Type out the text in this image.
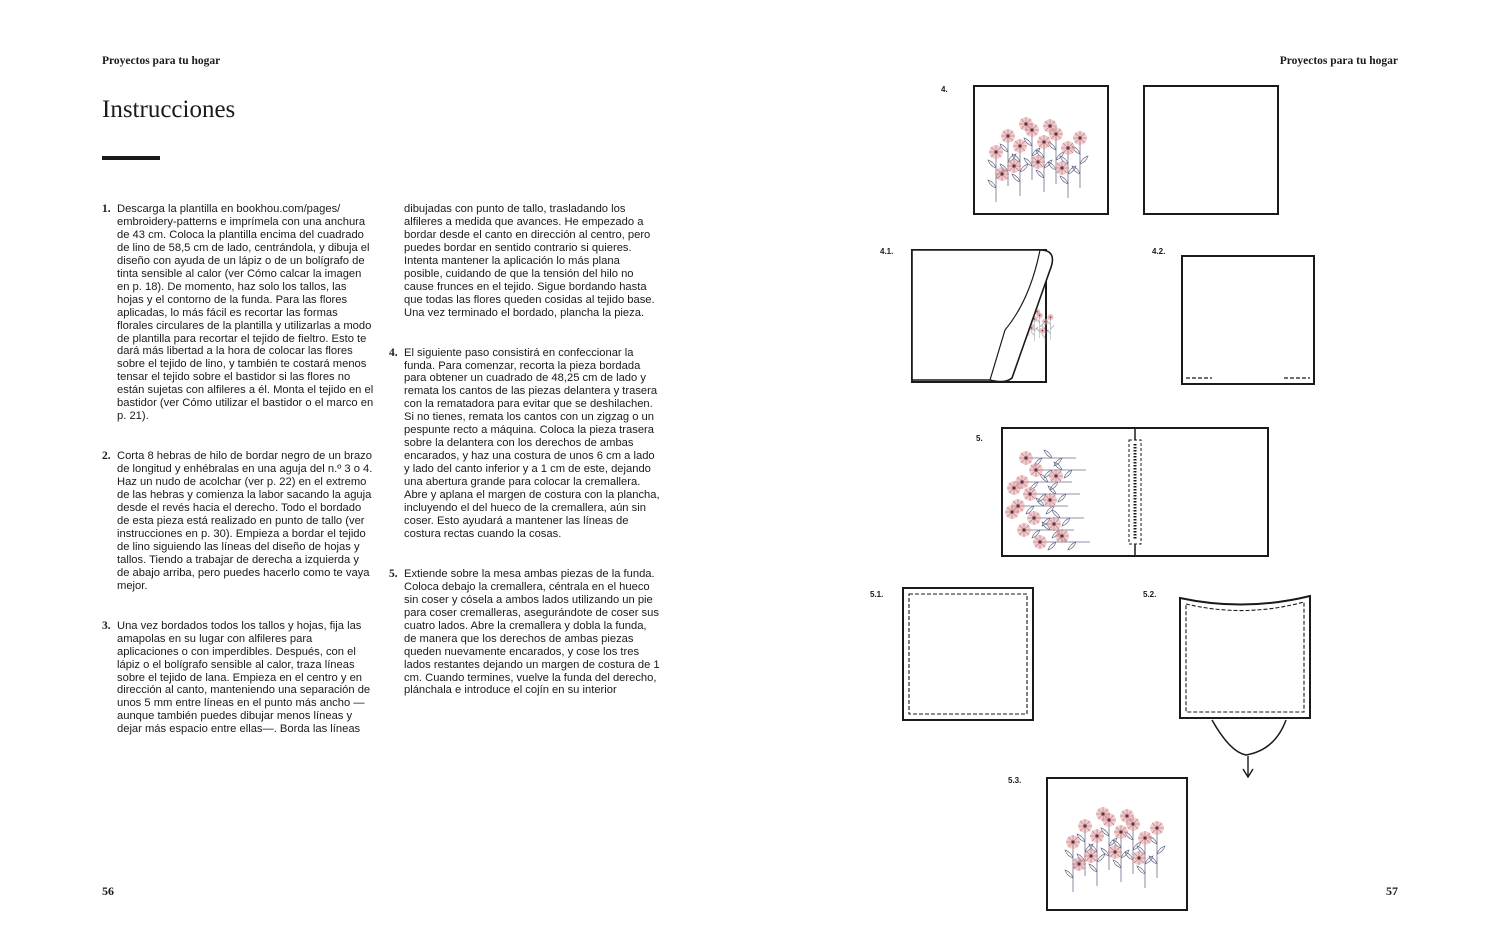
Proyectos para tu hogar
Instrucciones
1. Descarga la plantilla en bookhou.com/pages/ embroidery-patterns e imprímela con una anchura de 43 cm. Coloca la plantilla encima del cuadrado de lino de 58,5 cm de lado, centrándola, y dibuja el diseño con ayuda de un lápiz o de un bolígrafo de tinta sensible al calor (ver Cómo calcar la imagen en p. 18). De momento, haz solo los tallos, las hojas y el contorno de la funda. Para las flores aplicadas, lo más fácil es recortar las formas florales circulares de la plantilla y utilizarlas a modo de plantilla para recortar el tejido de fieltro. Esto te dará más libertad a la hora de colocar las flores sobre el tejido de lino, y también te costará menos tensar el tejido sobre el bastidor si las flores no están sujetas con alfileres a él. Monta el tejido en el bastidor (ver Cómo utilizar el bastidor o el marco en p. 21).

2. Corta 8 hebras de hilo de bordar negro de un brazo de longitud y enhébralas en una aguja del n.º 3 o 4. Haz un nudo de acolchar (ver p. 22) en el extremo de las hebras y comienza la labor sacando la aguja desde el revés hacia el derecho. Todo el bordado de esta pieza está realizado en punto de tallo (ver instrucciones en p. 30). Empieza a bordar el tejido de lino siguiendo las líneas del diseño de hojas y tallos. Tiendo a trabajar de derecha a izquierda y de abajo arriba, pero puedes hacerlo como te vaya mejor.

3. Una vez bordados todos los tallos y hojas, fija las amapolas en su lugar con alfileres para aplicaciones o con imperdibles. Después, con el lápiz o el bolígrafo sensible al calor, traza líneas sobre el tejido de lana. Empieza en el centro y en dirección al canto, manteniendo una separación de unos 5 mm entre líneas en el punto más ancho —aunque también puedes dibujar menos líneas y dejar más espacio entre ellas—. Borda las líneas

dibujadas con punto de tallo, trasladando los alfileres a medida que avances. He empezado a bordar desde el canto en dirección al centro, pero puedes bordar en sentido contrario si quieres. Intenta mantener la aplicación lo más plana posible, cuidando de que la tensión del hilo no cause frunces en el tejido. Sigue bordando hasta que todas las flores queden cosidas al tejido base. Una vez terminado el bordado, plancha la pieza.

4. El siguiente paso consistirá en confeccionar la funda. Para comenzar, recorta la pieza bordada para obtener un cuadrado de 48,25 cm de lado y remata los cantos de las piezas delantera y trasera con la rematadora para evitar que se deshilachen. Si no tienes, remata los cantos con un zigzag o un pespunte recto a máquina. Coloca la pieza trasera sobre la delantera con los derechos de ambas encarados, y haz una costura de unos 6 cm a lado y lado del canto inferior y a 1 cm de este, dejando una abertura grande para colocar la cremallera. Abre y aplana el margen de costura con la plancha, incluyendo el del hueco de la cremallera, aún sin coser. Esto ayudará a mantener las líneas de costura rectas cuando la cosas.

5. Extiende sobre la mesa ambas piezas de la funda. Coloca debajo la cremallera, céntrala en el hueco sin coser y cósela a ambos lados utilizando un pie para coser cremalleras, asegurándote de coser sus cuatro lados. Abre la cremallera y dobla la funda, de manera que los derechos de ambas piezas queden nuevamente encarados, y cose los tres lados restantes dejando un margen de costura de 1 cm. Cuando termines, vuelve la funda del derecho, plánchala e introduce el cojín en su interior

56
Proyectos para tu hogar
57
4.
4.1.	4.2.
5.
5.1.	5.2.
5.3.
